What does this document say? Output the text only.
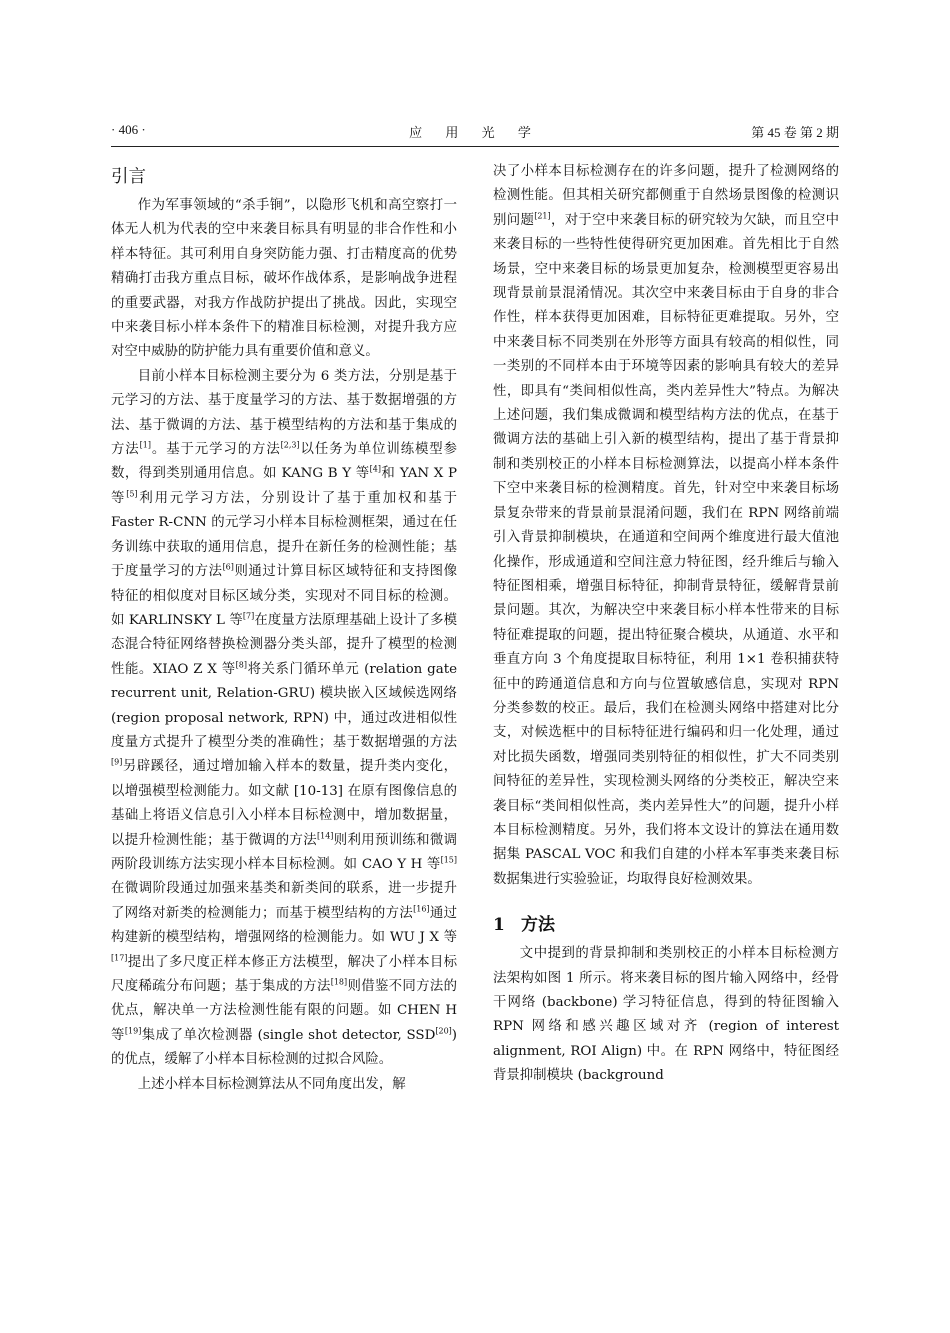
· 406 ·	应 用 光 学	第 45 卷 第 2 期
引言

作为军事领域的“杀手锏”，以隐形飞机和高空察打一体无人机为代表的空中来袭目标具有明显的非合作性和小样本特征。其可利用自身突防能力强、打击精度高的优势精确打击我方重点目标，破坏作战体系，是影响战争进程的重要武器，对我方作战防护提出了挑战。因此，实现空中来袭目标小样本条件下的精准目标检测，对提升我方应对空中威胁的防护能力具有重要价值和意义。

目前小样本目标检测主要分为 6 类方法，分别是基于元学习的方法、基于度量学习的方法、基于数据增强的方法、基于微调的方法、基于模型结构的方法和基于集成的方法[1]。基于元学习的方法[2,3]以任务为单位训练模型参数，得到类别通用信息。如 KANG B Y 等[4]和 YAN X P 等[5]利用元学习方法，分别设计了基于重加权和基于 Faster R-CNN 的元学习小样本目标检测框架，通过在任务训练中获取的通用信息，提升在新任务的检测性能；基于度量学习的方法[6]则通过计算目标区域特征和支持图像特征的相似度对目标区域分类，实现对不同目标的检测。如 KARLINSKY L 等[7]在度量方法原理基础上设计了多模态混合特征网络替换检测器分类头部，提升了模型的检测性能。XIAO Z X 等[8]将关系门循环单元 (relation gate recurrent unit, Relation-GRU) 模块嵌入区域候选网络 (region proposal network, RPN) 中，通过改进相似性度量方式提升了模型分类的准确性；基于数据增强的方法[9]另辟蹊径，通过增加输入样本的数量，提升类内变化，以增强模型检测能力。如文献 [10-13] 在原有图像信息的基础上将语义信息引入小样本目标检测中，增加数据量，以提升检测性能；基于微调的方法[14]则利用预训练和微调两阶段训练方法实现小样本目标检测。如 CAO Y H 等[15]在微调阶段通过加强来基类和新类间的联系，进一步提升了网络对新类的检测能力；而基于模型结构的方法[16]通过构建新的模型结构，增强网络的检测能力。如 WU J X 等[17]提出了多尺度正样本修正方法模型，解决了小样本目标尺度稀疏分布问题；基于集成的方法[18]则借鉴不同方法的优点，解决单一方法检测性能有限的问题。如 CHEN H 等[19]集成了单次检测器 (single shot detector, SSD[20]) 的优点，缓解了小样本目标检测的过拟合风险。

上述小样本目标检测算法从不同角度出发，解

决了小样本目标检测存在的许多问题，提升了检测网络的检测性能。但其相关研究都侧重于自然场景图像的检测识别问题[21]，对于空中来袭目标的研究较为欠缺，而且空中来袭目标的一些特性使得研究更加困难。首先相比于自然场景，空中来袭目标的场景更加复杂，检测模型更容易出现背景前景混淆情况。其次空中来袭目标由于自身的非合作性，样本获得更加困难，目标特征更难提取。另外，空中来袭目标不同类别在外形等方面具有较高的相似性，同一类别的不同样本由于环境等因素的影响具有较大的差异性，即具有“类间相似性高，类内差异性大”特点。为解决上述问题，我们集成微调和模型结构方法的优点，在基于微调方法的基础上引入新的模型结构，提出了基于背景抑制和类别校正的小样本目标检测算法，以提高小样本条件下空中来袭目标的检测精度。首先，针对空中来袭目标场景复杂带来的背景前景混淆问题，我们在 RPN 网络前端引入背景抑制模块，在通道和空间两个维度进行最大值池化操作，形成通道和空间注意力特征图，经升维后与输入特征图相乘，增强目标特征，抑制背景特征，缓解背景前景问题。其次，为解决空中来袭目标小样本性带来的目标特征难提取的问题，提出特征聚合模块，从通道、水平和垂直方向 3 个角度提取目标特征，利用 1×1 卷积捕获特征中的跨通道信息和方向与位置敏感信息，实现对 RPN 分类参数的校正。最后，我们在检测头网络中搭建对比分支，对候选框中的目标特征进行编码和归一化处理，通过对比损失函数，增强同类别特征的相似性，扩大不同类别间特征的差异性，实现检测头网络的分类校正，解决空来袭目标“类间相似性高，类内差异性大”的问题，提升小样本目标检测精度。另外，我们将本文设计的算法在通用数据集 PASCAL VOC 和我们自建的小样本军事类来袭目标数据集进行实验验证，均取得良好检测效果。

1 方法

文中提到的背景抑制和类别校正的小样本目标检测方法架构如图 1 所示。将来袭目标的图片输入网络中，经骨干网络 (backbone) 学习特征信息，得到的特征图输入 RPN 网络和感兴趣区域对齐 (region of interest alignment, ROI Align) 中。在 RPN 网络中，特征图经背景抑制模块 (background
